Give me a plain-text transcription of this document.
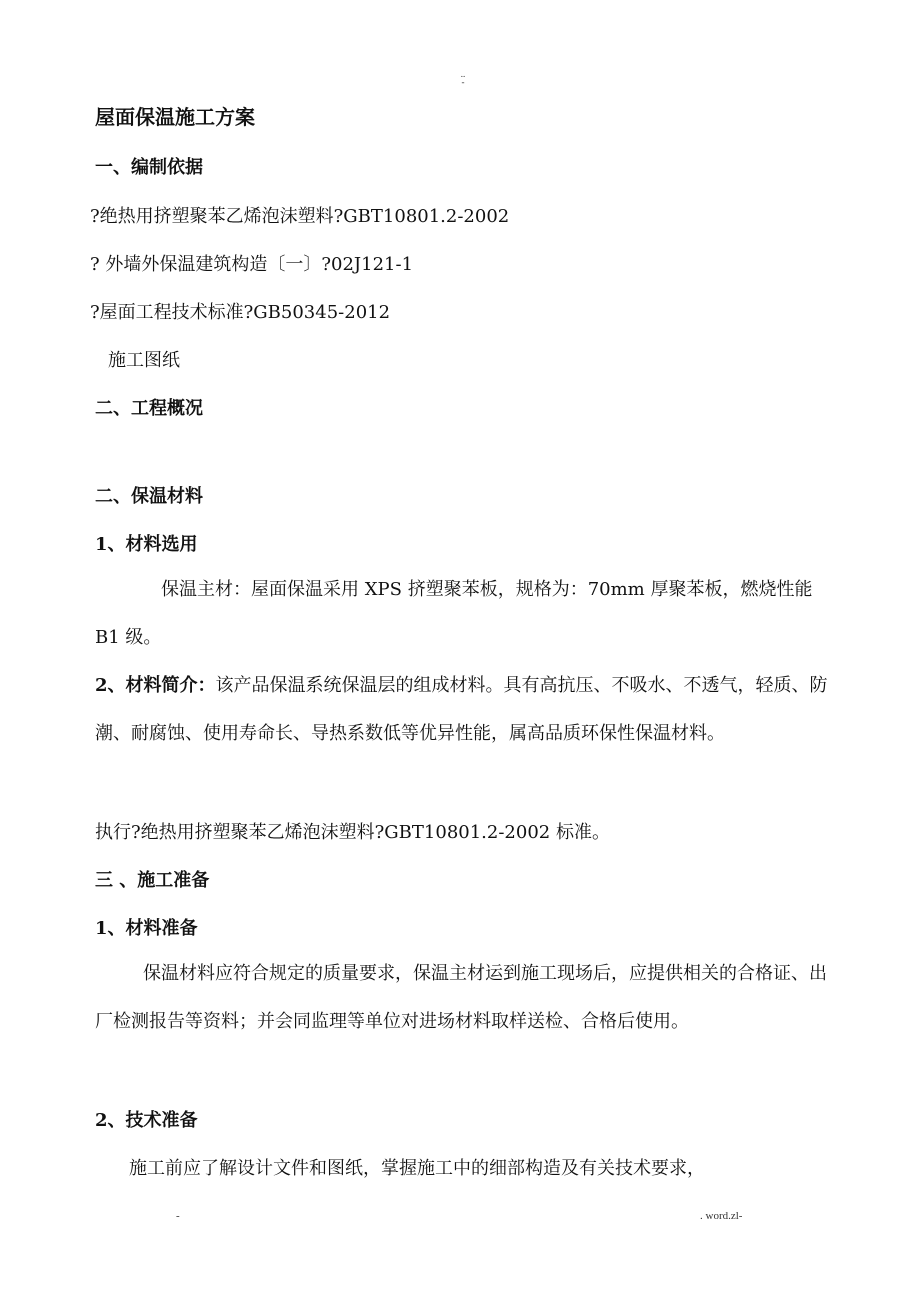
..
-
屋面保温施工方案
一、编制依据
?绝热用挤塑聚苯乙烯泡沫塑料?GBT10801.2-2002
? 外墙外保温建筑构造〔一〕?02J121-1
?屋面工程技术标准?GB50345-2012
施工图纸
二、工程概况
二、保温材料
1、材料选用

保温主材：屋面保温采用 XPS 挤塑聚苯板，规格为：70mm 厚聚苯板，燃烧性能 B1 级。

2、材料简介：该产品保温系统保温层的组成材料。具有高抗压、不吸水、不透气，轻质、防潮、耐腐蚀、使用寿命长、导热系数低等优异性能，属高品质环保性保温材料。

执行?绝热用挤塑聚苯乙烯泡沫塑料?GBT10801.2-2002 标准。
三 、施工准备
1、材料准备

保温材料应符合规定的质量要求，保温主材运到施工现场后，应提供相关的合格证、出厂检测报告等资料；并会同监理等单位对进场材料取样送检、合格后使用。

2、技术准备
施工前应了解设计文件和图纸，掌握施工中的细部构造及有关技术要求，
-	. word.zl-
